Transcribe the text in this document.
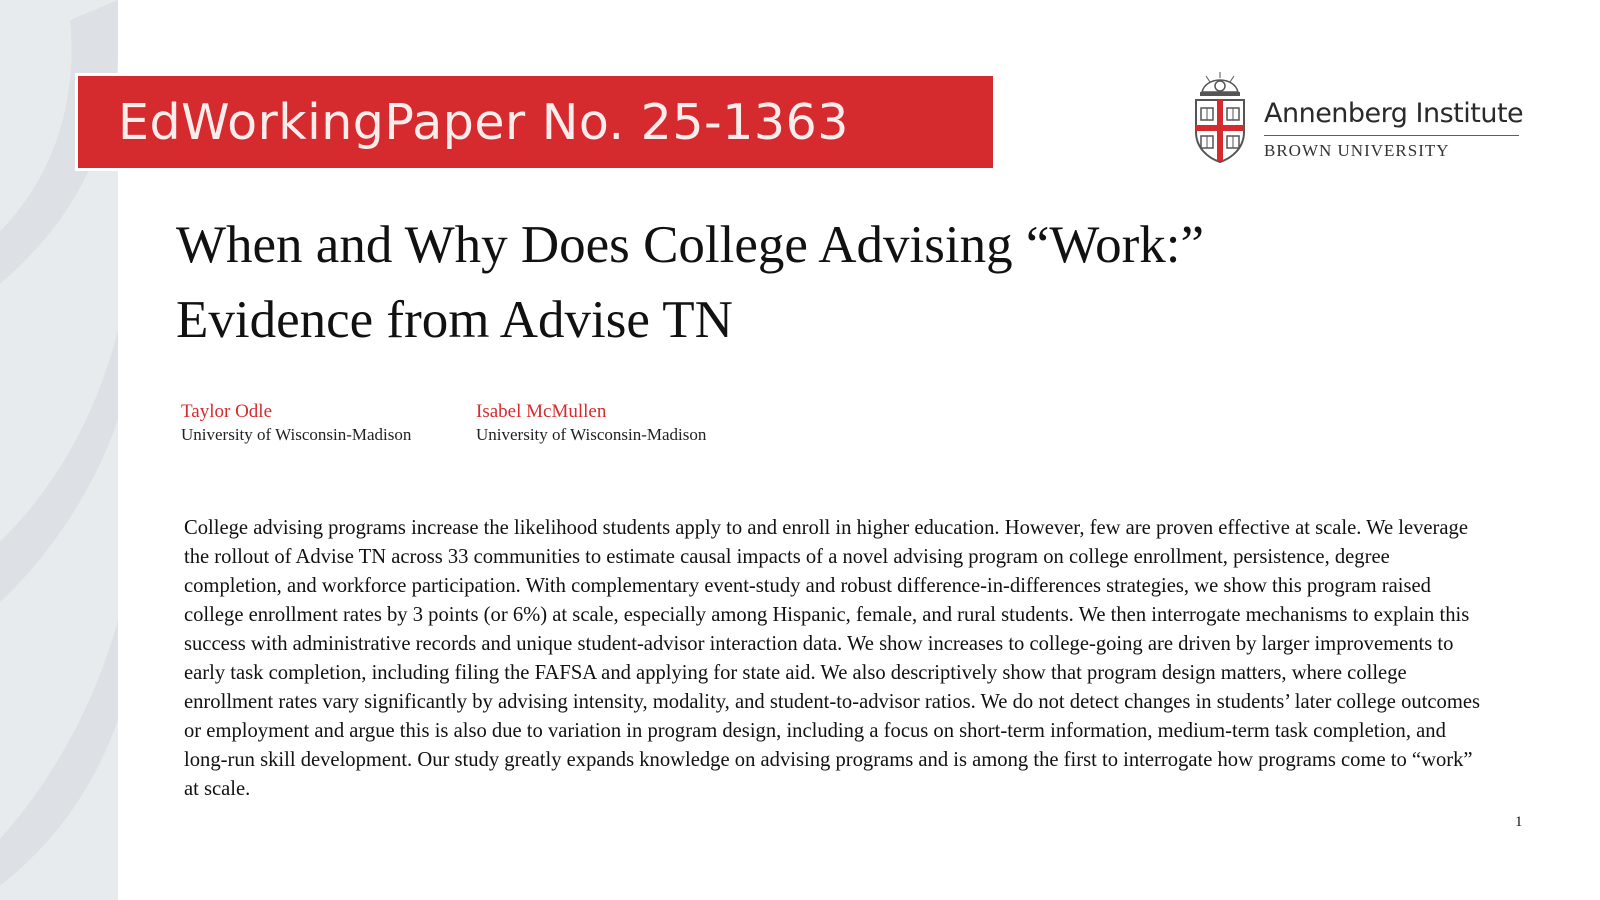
EdWorkingPaper No. 25-1363	Annenberg Institute
BROWN UNIVERSITY
When and Why Does College Advising “Work:”
Evidence from Advise TN
Taylor Odle
University of Wisconsin-Madison
Isabel McMullen
University of Wisconsin-Madison

College advising programs increase the likelihood students apply to and enroll in higher education. However, few are proven effective at scale. We leverage the rollout of Advise TN across 33 communities to estimate causal impacts of a novel advising program on college enrollment, persistence, degree completion, and workforce participation. With complementary event-study and robust difference-in-differences strategies, we show this program raised college enrollment rates by 3 points (or 6%) at scale, especially among Hispanic, female, and rural students. We then interrogate mechanisms to explain this success with administrative records and unique student-advisor interaction data. We show increases to college-going are driven by larger improvements to early task completion, including filing the FAFSA and applying for state aid. We also descriptively show that program design matters, where college enrollment rates vary significantly by advising intensity, modality, and student-to-advisor ratios. We do not detect changes in students’ later college outcomes or employment and argue this is also due to variation in program design, including a focus on short-term information, medium-term task completion, and long-run skill development. Our study greatly expands knowledge on advising programs and is among the first to interrogate how programs come to “work” at scale.

1
